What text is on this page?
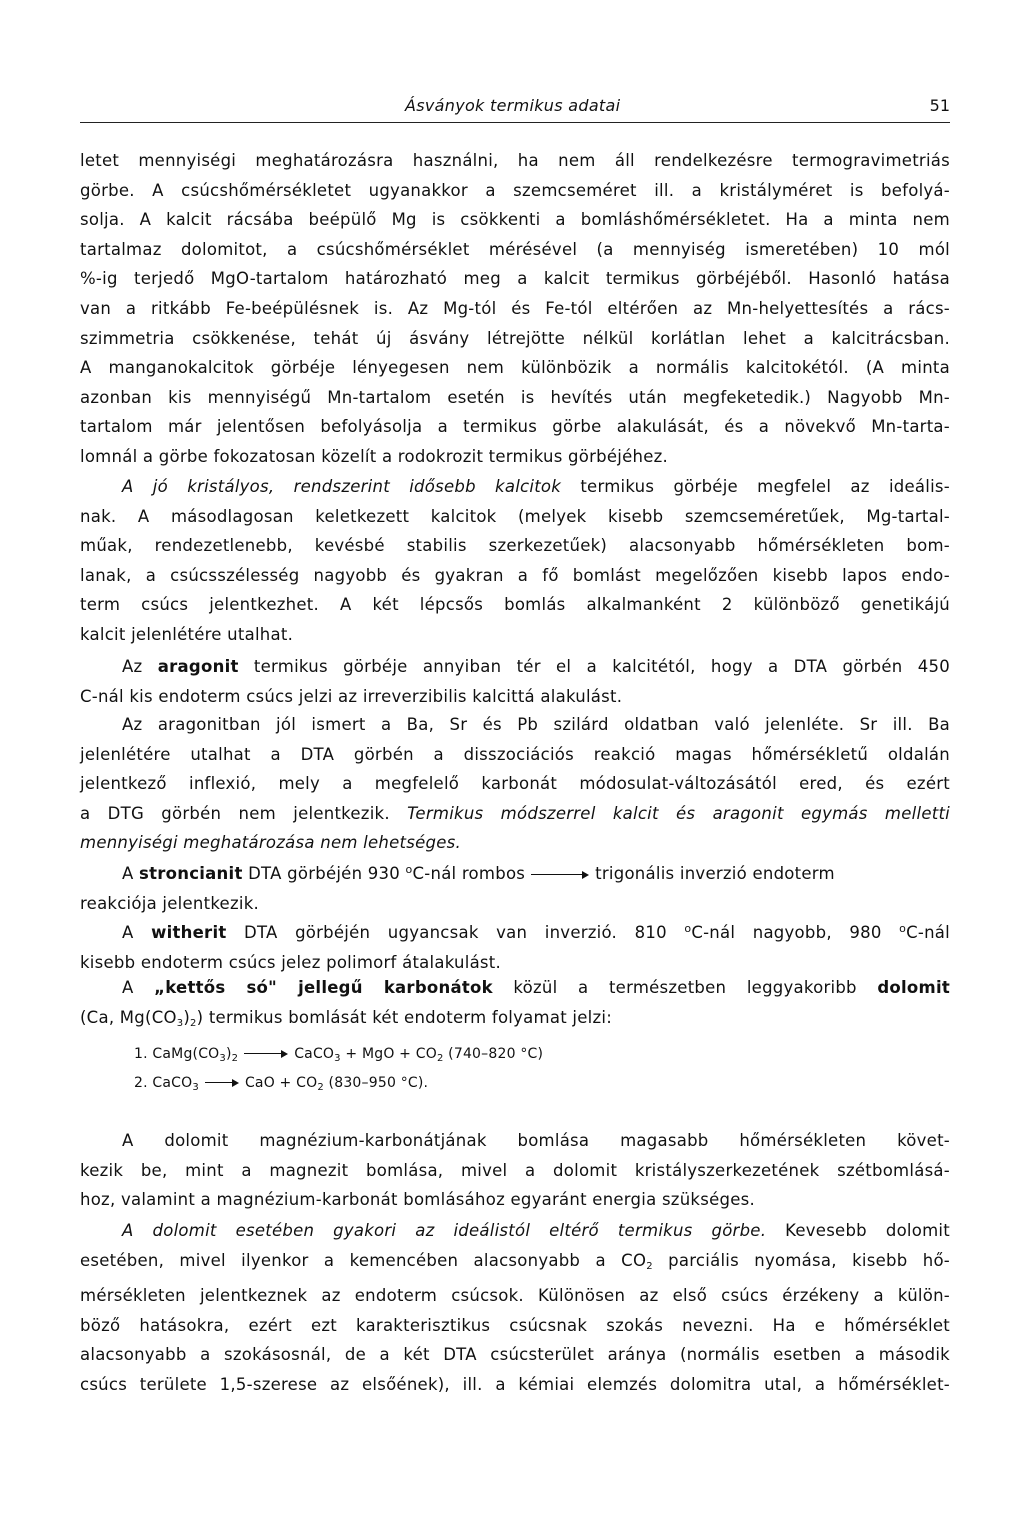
Ásványok termikus adatai	51
letet mennyiségi meghatározásra használni, ha nem áll rendelkezésre termogravimetriás
görbe. A csúcshőmérsékletet ugyanakkor a szemcseméret ill. a kristályméret is befolyá-
solja. A kalcit rácsába beépülő Mg is csökkenti a bomláshőmérsékletet. Ha a minta nem
tartalmaz dolomitot, a csúcshőmérséklet mérésével (a mennyiség ismeretében) 10 mól
%-ig terjedő MgO-tartalom határozható meg a kalcit termikus görbéjéből. Hasonló hatása
van a ritkább Fe-beépülésnek is. Az Mg-tól és Fe-tól eltérően az Mn-helyettesítés a rács-
szimmetria csökkenése, tehát új ásvány létrejötte nélkül korlátlan lehet a kalcitrácsban.
A manganokalcitok görbéje lényegesen nem különbözik a normális kalcitokétól. (A minta
azonban kis mennyiségű Mn-tartalom esetén is hevítés után megfeketedik.) Nagyobb Mn-
tartalom már jelentősen befolyásolja a termikus görbe alakulását, és a növekvő Mn-tarta-
lomnál a görbe fokozatosan közelít a rodokrozit termikus görbéjéhez.
   A jó kristályos, rendszerint idősebb kalcitok termikus görbéje megfelel az ideális-
nak. A másodlagosan keletkezett kalcitok (melyek kisebb szemcseméretűek, Mg-tartal-
műak, rendezetlenebb, kevésbé stabilis szerkezetűek) alacsonyabb hőmérsékleten bom-
lanak, a csúcsszélesség nagyobb és gyakran a fő bomlást megelőzően kisebb lapos endo-
term csúcs jelentkezhet. A két lépcsős bomlás alkalmanként 2 különböző genetikájú
kalcit jelenlétére utalhat.
   Az aragonit termikus görbéje annyiban tér el a kalcitétól, hogy a DTA görbén 450
C-nál kis endoterm csúcs jelzi az irreverzibilis kalcittá alakulást.
   Az aragonitban jól ismert a Ba, Sr és Pb szilárd oldatban való jelenléte. Sr ill. Ba
jelenlétére utalhat a DTA görbén a disszociációs reakció magas hőmérsékletű oldalán
jelentkező inflexió, mely a megfelelő karbonát módosulat-változásától ered, és ezért
a DTG görbén nem jelentkezik. Termikus módszerrel kalcit és aragonit egymás melletti
mennyiségi meghatározása nem lehetséges.
   A stroncianit DTA görbéjén 930 $^o$C-nál rombos	trigonális inverzió endoterm
reakciója jelentkezik.
   A witherit DTA görbéjén ugyancsak van inverzió. 810 $^o$C-nál nagyobb, 980 $^o$C-nál
kisebb endoterm csúcs jelez polimorf átalakulást.
   A „kettős só" jellegű karbonátok közül a természetben leggyakoribb dolomit
(Ca, $Mg(CO_3)_2$) termikus bomlását két endoterm folyamat jelzi:
1. $CaMg(CO_3)_2$	CaCO$_3$ + MgO + $CO_2$ (740–820 °C)
2. CaCO$_3$	CaO + $CO_2$ (830–950 °C).
   A dolomit magnézium-karbonátjának bomlása magasabb hőmérsékleten követ-
kezik be, mint a magnezit bomlása, mivel a dolomit kristályszerkezetének szétbomlásá-
hoz, valamint a magnézium-karbonát bomlásához egyaránt energia szükséges.
   A dolomit esetében gyakori az ideálistól eltérő termikus görbe. Kevesebb dolomit
esetében, mivel ilyenkor a kemencében alacsonyabb a $CO_2$ parciális nyomása, kisebb hő-
mérsékleten jelentkeznek az endoterm csúcsok. Különösen az első csúcs érzékeny a külön-
böző hatásokra, ezért ezt karakterisztikus csúcsnak szokás nevezni. Ha e hőmérséklet
alacsonyabb a szokásosnál, de a két DTA csúcsterület aránya (normális esetben a második
csúcs területe 1,5-szerese az elsőének), ill. a kémiai elemzés dolomitra utal, a hőmérséklet-
